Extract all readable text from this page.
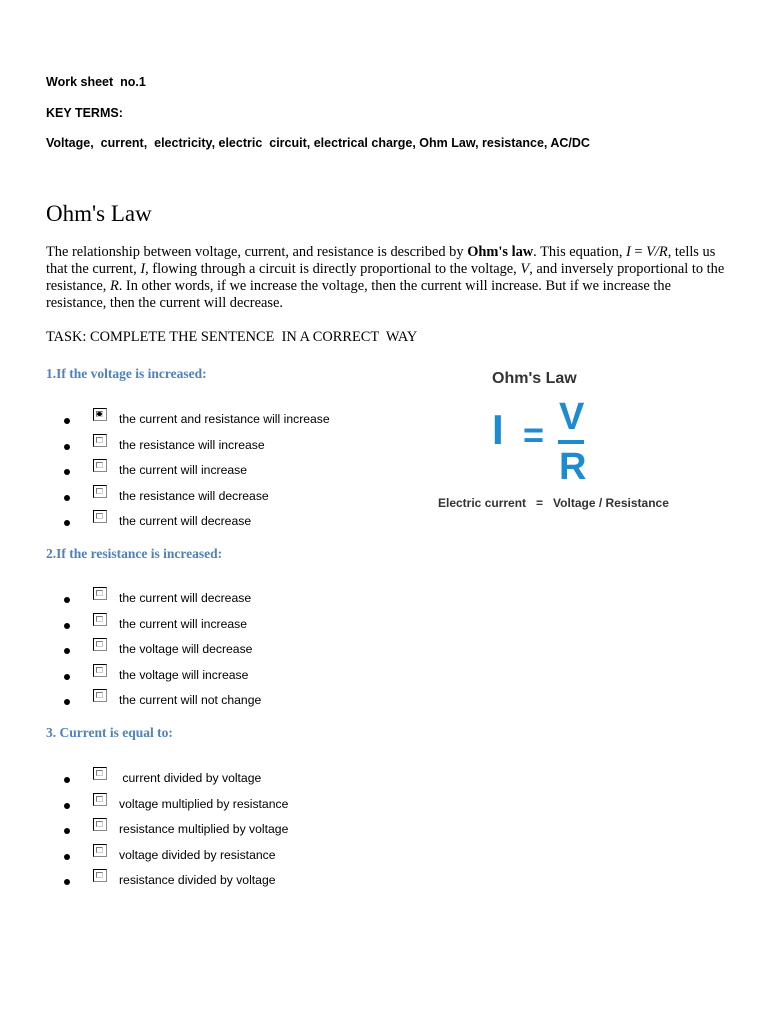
Work sheet  no.1
KEY TERMS:
Voltage,  current,  electricity, electric  circuit, electrical charge, Ohm Law, resistance, AC/DC
Ohm's Law

The relationship between voltage, current, and resistance is described by Ohm's law. This equation, I = V/R, tells us that the current, I, flowing through a circuit is directly proportional to the voltage, V, and inversely proportional to the resistance, R. In other words, if we increase the voltage, then the current will increase. But if we increase the resistance, then the current will decrease.

TASK: COMPLETE THE SENTENCE  IN A CORRECT  WAY
1.If the voltage is increased:
the current and resistance will increase
the resistance will increase
the current will increase
the resistance will decrease
the current will decrease
2.If the resistance is increased:
the current will decrease
the current will increase
the voltage will decrease
the voltage will increase
the current will not change
3. Current is equal to:
current divided by voltage
voltage multiplied by resistance
resistance multiplied by voltage
voltage divided by resistance
resistance divided by voltage
Ohm's Law
I = V
R
Electric current   =   Voltage / Resistance
